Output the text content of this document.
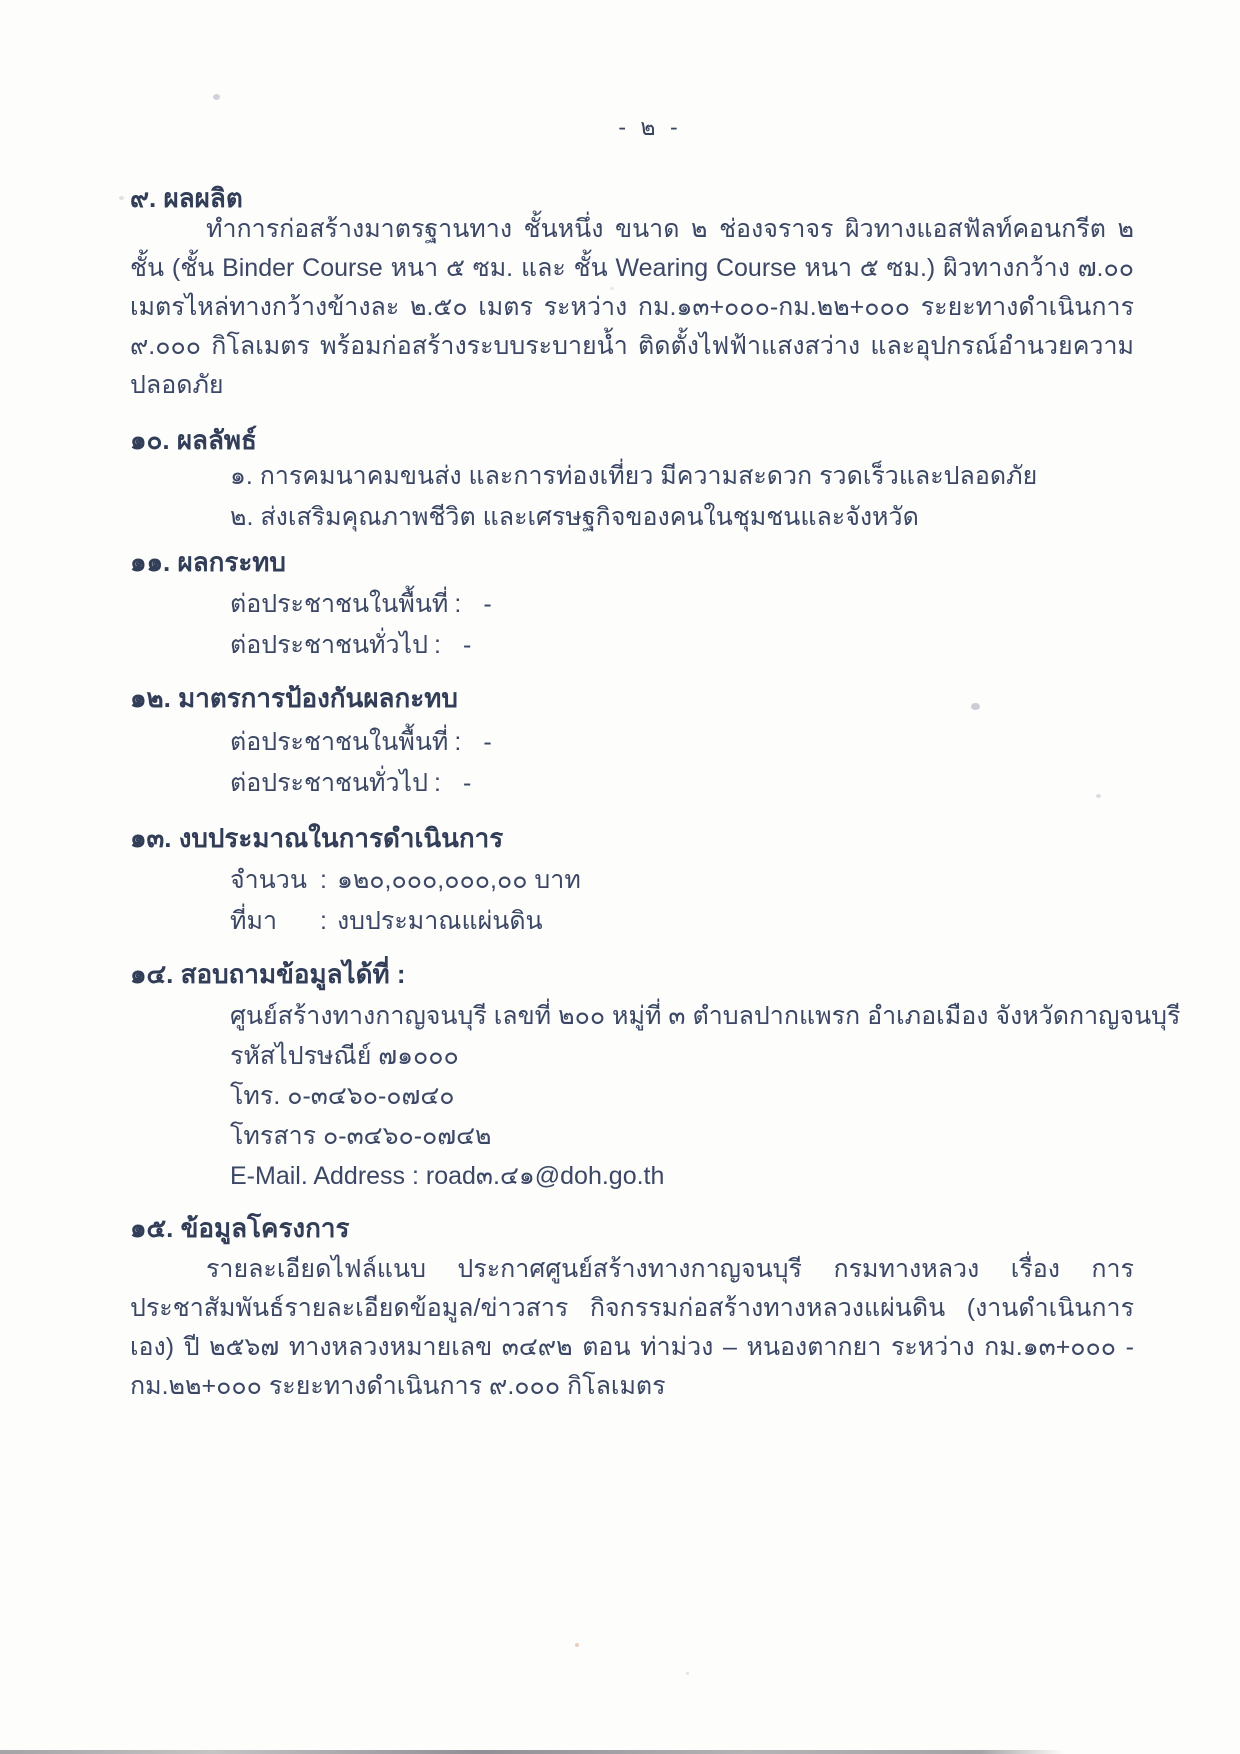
- ๒ -
๙. ผลผลิต
ทำการก่อสร้างมาตรฐานทาง ชั้นหนึ่ง ขนาด ๒ ช่องจราจร ผิวทางแอสฟัลท์คอนกรีต ๒ ชั้น (ชั้น Binder Course หนา ๕ ซม. และ ชั้น Wearing Course หนา ๕ ซม.) ผิวทางกว้าง ๗.๐๐ เมตรไหล่ทางกว้างข้างละ ๒.๕๐ เมตร ระหว่าง กม.๑๓+๐๐๐-กม.๒๒+๐๐๐ ระยะทางดำเนินการ ๙.๐๐๐ กิโลเมตร พร้อมก่อสร้างระบบระบายน้ำ ติดตั้งไฟฟ้าแสงสว่าง และอุปกรณ์อำนวยความปลอดภัย
๑๐. ผลลัพธ์
๑. การคมนาคมขนส่ง และการท่องเที่ยว มีความสะดวก รวดเร็วและปลอดภัย
๒. ส่งเสริมคุณภาพชีวิต และเศรษฐกิจของคนในชุมชนและจังหวัด
๑๑. ผลกระทบ
ต่อประชาชนในพื้นที่ : -
ต่อประชาชนทั่วไป : -
๑๒. มาตรการป้องกันผลกะทบ
ต่อประชาชนในพื้นที่ : -
ต่อประชาชนทั่วไป : -
๑๓. งบประมาณในการดำเนินการ
จำนวน : ๑๒๐,๐๐๐,๐๐๐,๐๐ บาท
ที่มา	: งบประมาณแผ่นดิน
๑๔. สอบถามข้อมูลได้ที่ :
ศูนย์สร้างทางกาญจนบุรี เลขที่ ๒๐๐ หมู่ที่ ๓ ตำบลปากแพรก อำเภอเมือง จังหวัดกาญจนบุรี
รหัสไปรษณีย์ ๗๑๐๐๐
โทร. ๐-๓๔๖๐-๐๗๔๐
โทรสาร ๐-๓๔๖๐-๐๗๔๒
E-Mail. Address : road๓.๔๑@doh.go.th
๑๕. ข้อมูลโครงการ
รายละเอียดไฟล์แนบ ประกาศศูนย์สร้างทางกาญจนบุรี กรมทางหลวง เรื่อง การประชาสัมพันธ์รายละเอียดข้อมูล/ข่าวสาร กิจกรรมก่อสร้างทางหลวงแผ่นดิน (งานดำเนินการเอง) ปี ๒๕๖๗ ทางหลวงหมายเลข ๓๔๙๒ ตอน ท่าม่วง – หนองตากยา ระหว่าง กม.๑๓+๐๐๐ - กม.๒๒+๐๐๐ ระยะทางดำเนินการ ๙.๐๐๐ กิโลเมตร
